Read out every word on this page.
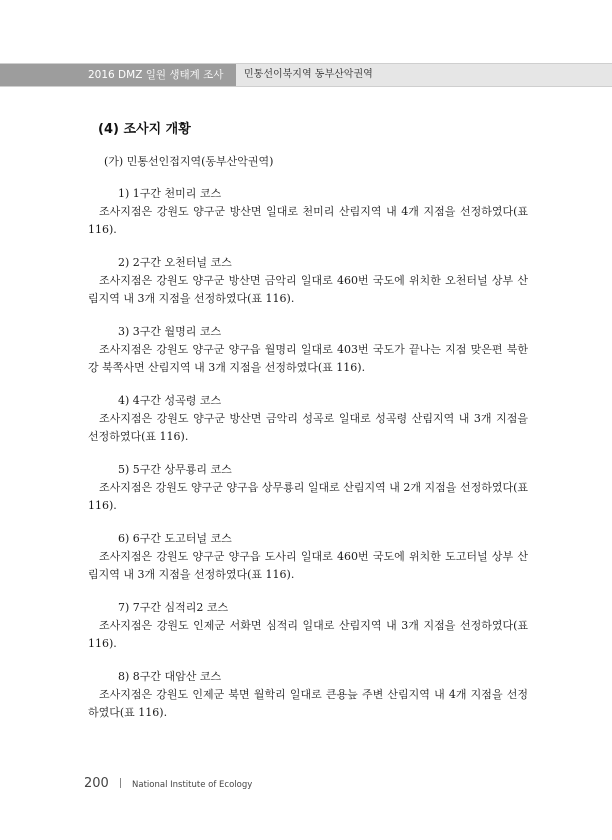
2016 DMZ 일원 생태계 조사	민통선이북지역 동부산악권역
(4) 조사지 개황
(가) 민통선인접지역(동부산악권역)
1) 1구간 천미리 코스
조사지점은 강원도 양구군 방산면 일대로 천미리 산림지역 내 4개 지점을 선정하였다(표 116).
2) 2구간 오천터널 코스
조사지점은 강원도 양구군 방산면 금악리 일대로 460번 국도에 위치한 오천터널 상부 산림지역 내 3개 지점을 선정하였다(표 116).
3) 3구간 월명리 코스
조사지점은 강원도 양구군 양구읍 월명리 일대로 403번 국도가 끝나는 지점 맞은편 북한강 북쪽사면 산림지역 내 3개 지점을 선정하였다(표 116).
4) 4구간 성곡령 코스
조사지점은 강원도 양구군 방산면 금악리 성곡로 일대로 성곡령 산림지역 내 3개 지점을 선정하였다(표 116).
5) 5구간 상무룡리 코스
조사지점은 강원도 양구군 양구읍 상무룡리 일대로 산림지역 내 2개 지점을 선정하였다(표 116).
6) 6구간 도고터널 코스
조사지점은 강원도 양구군 양구읍 도사리 일대로 460번 국도에 위치한 도고터널 상부 산림지역 내 3개 지점을 선정하였다(표 116).
7) 7구간 심적리2 코스
조사지점은 강원도 인제군 서화면 심적리 일대로 산림지역 내 3개 지점을 선정하였다(표 116).
8) 8구간 대암산 코스
조사지점은 강원도 인제군 북면 월학리 일대로 큰용늪 주변 산림지역 내 4개 지점을 선정하였다(표 116).
200	National Institute of Ecology
